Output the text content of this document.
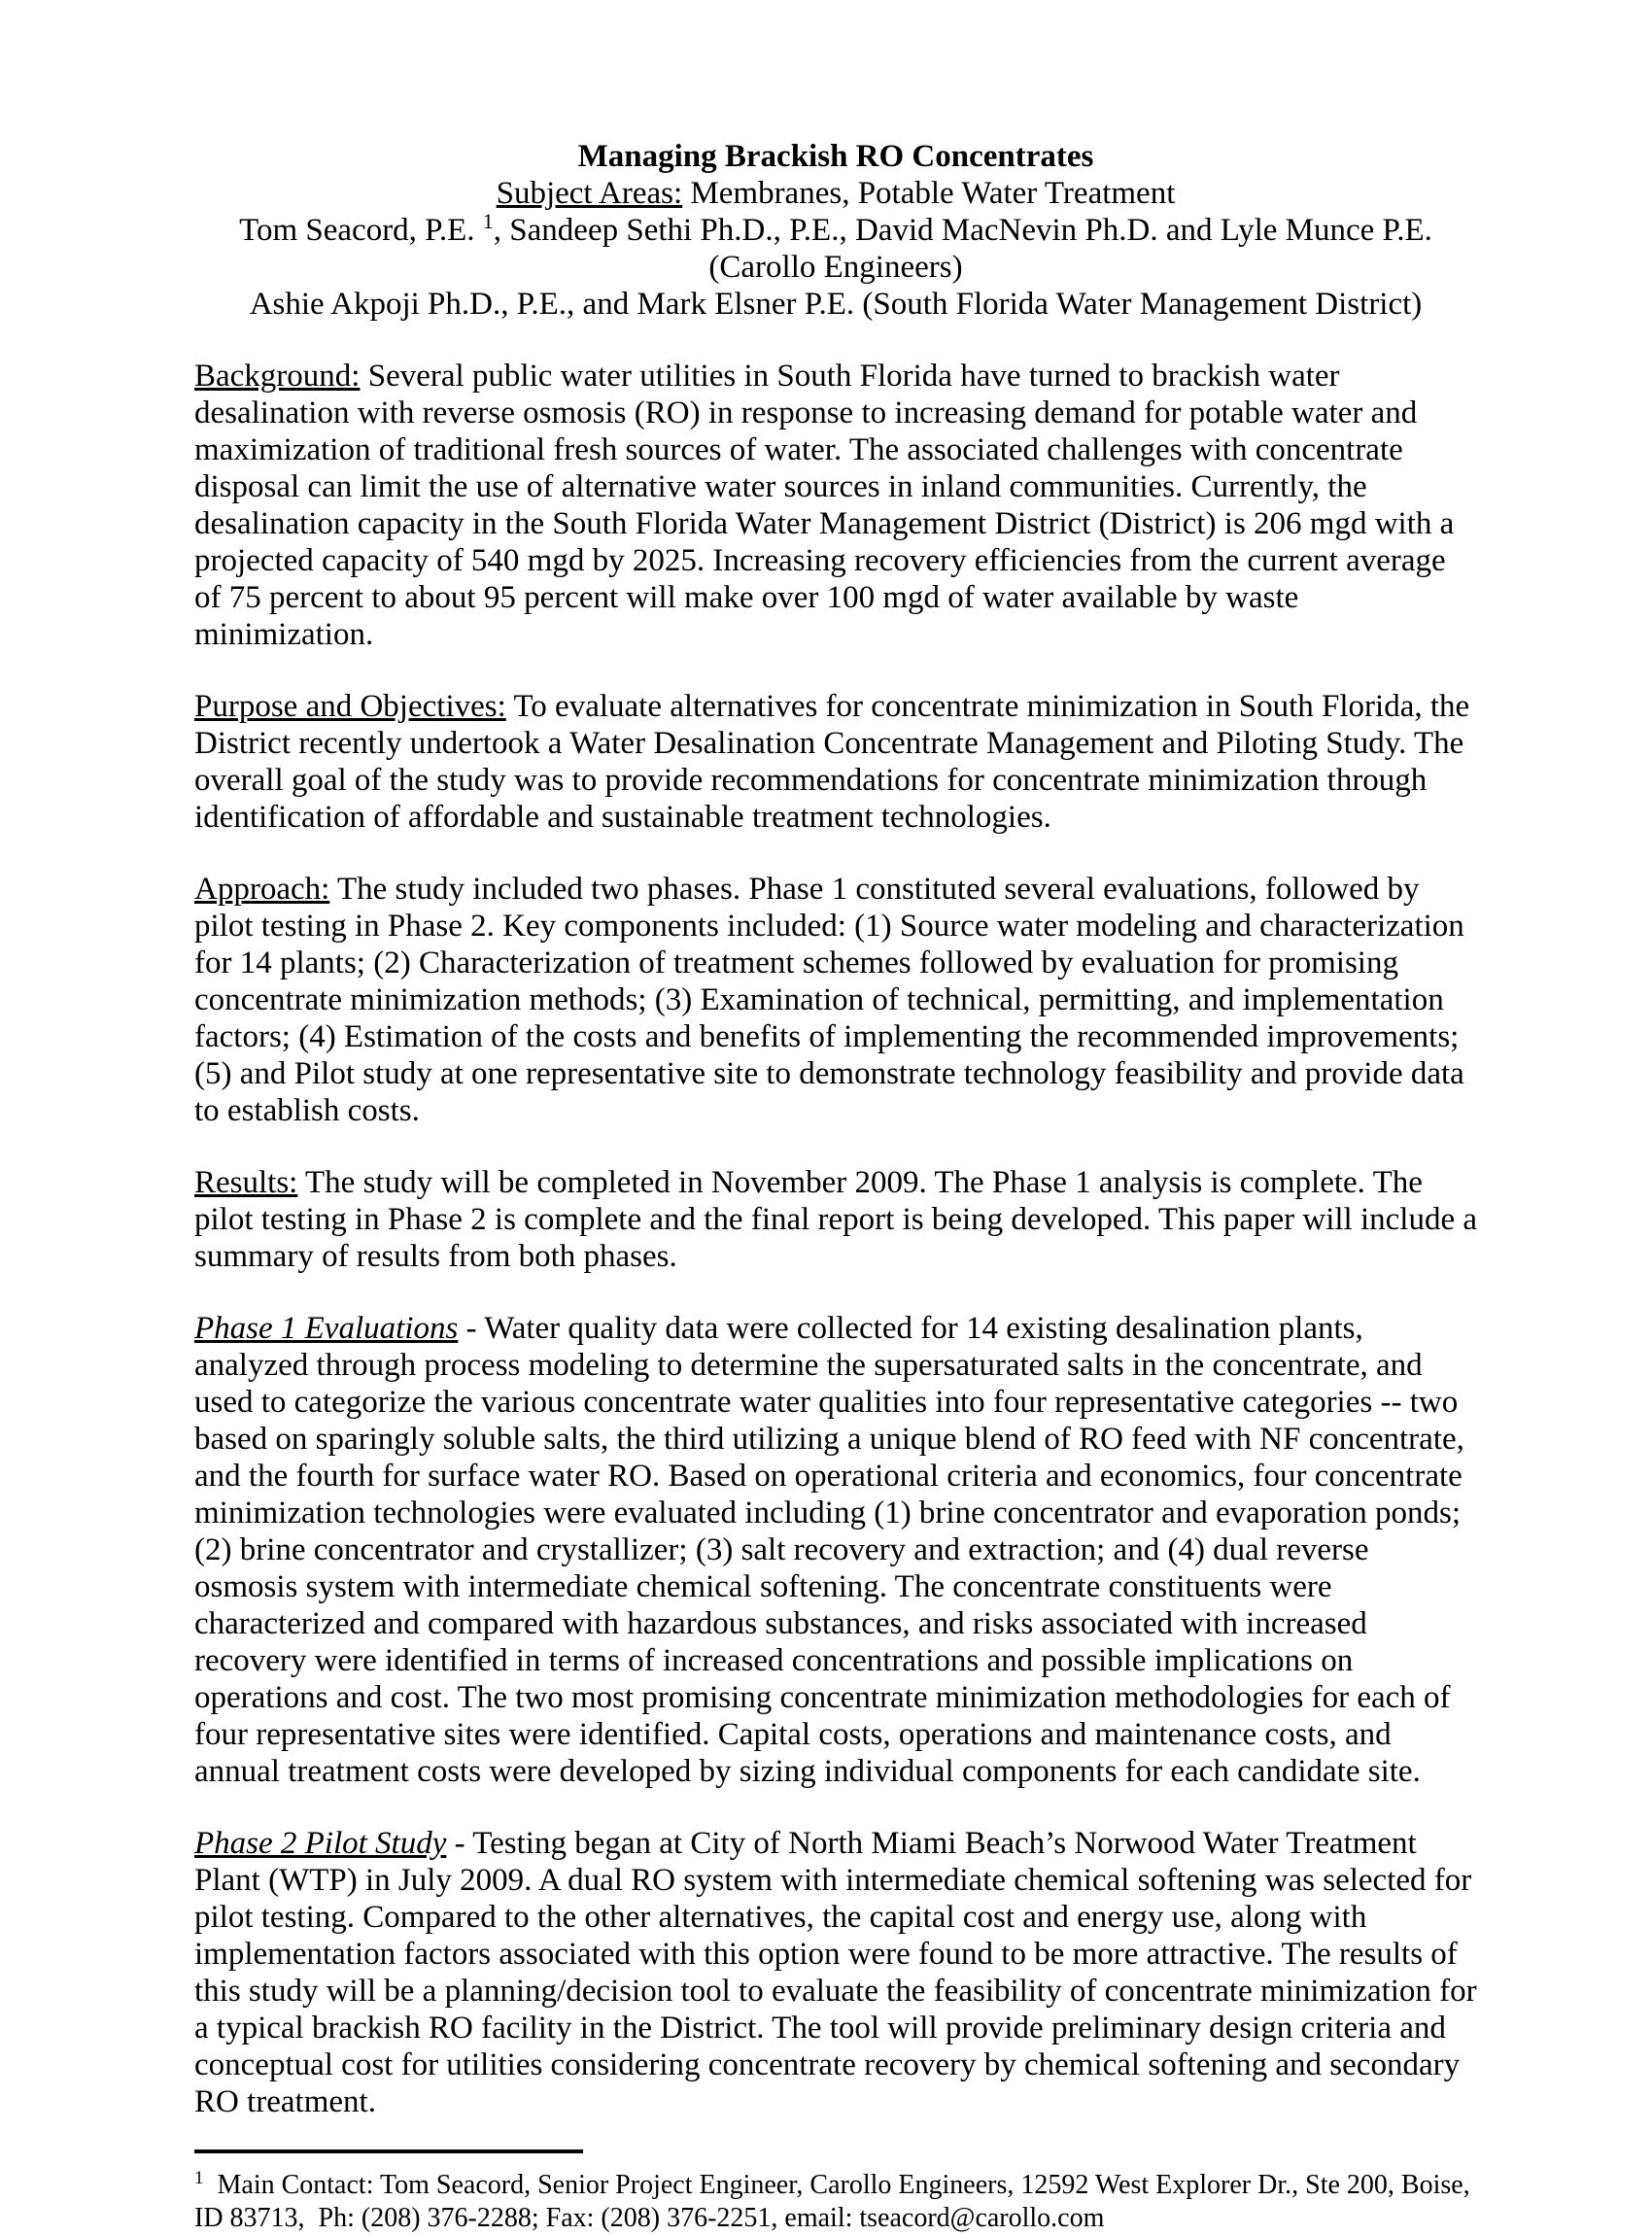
Managing Brackish RO Concentrates
Subject Areas: Membranes, Potable Water Treatment
Tom Seacord, P.E. $^1$, Sandeep Sethi Ph.D., P.E., David MacNevin Ph.D. and Lyle Munce P.E. (Carollo Engineers)
Ashie Akpoji Ph.D., P.E., and Mark Elsner P.E. (South Florida Water Management District)

Background: Several public water utilities in South Florida have turned to brackish water desalination with reverse osmosis (RO) in response to increasing demand for potable water and maximization of traditional fresh sources of water. The associated challenges with concentrate disposal can limit the use of alternative water sources in inland communities. Currently, the desalination capacity in the South Florida Water Management District (District) is 206 mgd with a projected capacity of 540 mgd by 2025. Increasing recovery efficiencies from the current average of 75 percent to about 95 percent will make over 100 mgd of water available by waste minimization.

Purpose and Objectives: To evaluate alternatives for concentrate minimization in South Florida, the District recently undertook a Water Desalination Concentrate Management and Piloting Study. The overall goal of the study was to provide recommendations for concentrate minimization through identification of affordable and sustainable treatment technologies.

Approach: The study included two phases. Phase 1 constituted several evaluations, followed by pilot testing in Phase 2. Key components included: (1) Source water modeling and characterization for 14 plants; (2) Characterization of treatment schemes followed by evaluation for promising concentrate minimization methods; (3) Examination of technical, permitting, and implementation factors; (4) Estimation of the costs and benefits of implementing the recommended improvements; (5) and Pilot study at one representative site to demonstrate technology feasibility and provide data to establish costs.

Results: The study will be completed in November 2009. The Phase 1 analysis is complete. The pilot testing in Phase 2 is complete and the final report is being developed. This paper will include a summary of results from both phases.

Phase 1 Evaluations - Water quality data were collected for 14 existing desalination plants, analyzed through process modeling to determine the supersaturated salts in the concentrate, and used to categorize the various concentrate water qualities into four representative categories -- two based on sparingly soluble salts, the third utilizing a unique blend of RO feed with NF concentrate, and the fourth for surface water RO. Based on operational criteria and economics, four concentrate minimization technologies were evaluated including (1) brine concentrator and evaporation ponds; (2) brine concentrator and crystallizer; (3) salt recovery and extraction; and (4) dual reverse osmosis system with intermediate chemical softening. The concentrate constituents were characterized and compared with hazardous substances, and risks associated with increased recovery were identified in terms of increased concentrations and possible implications on operations and cost. The two most promising concentrate minimization methodologies for each of four representative sites were identified. Capital costs, operations and maintenance costs, and annual treatment costs were developed by sizing individual components for each candidate site.

Phase 2 Pilot Study - Testing began at City of North Miami Beach’s Norwood Water Treatment Plant (WTP) in July 2009. A dual RO system with intermediate chemical softening was selected for pilot testing. Compared to the other alternatives, the capital cost and energy use, along with implementation factors associated with this option were found to be more attractive. The results of this study will be a planning/decision tool to evaluate the feasibility of concentrate minimization for a typical brackish RO facility in the District. The tool will provide preliminary design criteria and conceptual cost for utilities considering concentrate recovery by chemical softening and secondary RO treatment.

$^1$ Main Contact: Tom Seacord, Senior Project Engineer, Carollo Engineers, 12592 West Explorer Dr., Ste 200, Boise, ID 83713,  Ph: (208) 376-2288; Fax: (208) 376-2251, email: tseacord@carollo.com
